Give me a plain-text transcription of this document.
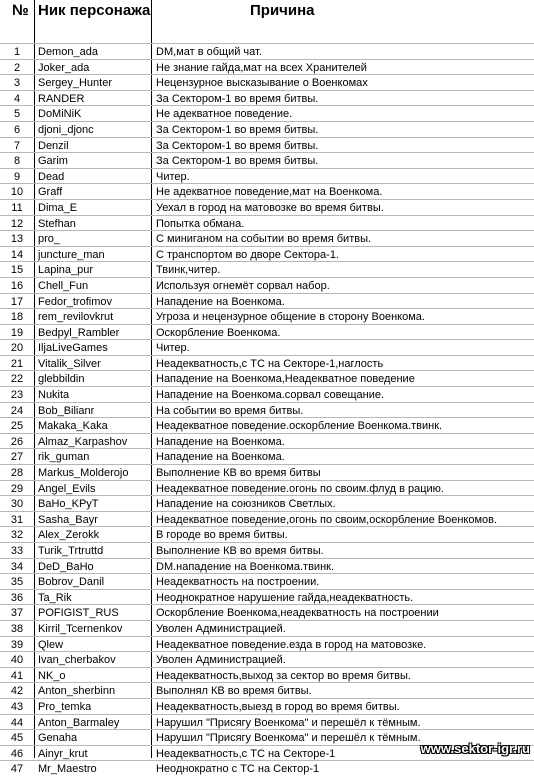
№ Ник персонажа	Причина
1	Demon_ada	DM,мат в общий чат.
2	Joker_ada	Не знание гайда,мат на всех Хранителей
3	Sergey_Hunter	Нецензурное высказывание о Военкомах
4	RANDER	За Сектором-1 во время битвы.
5	DoMiNiK	Не адекватное поведение.
6	djoni_djonc	За Сектором-1 во время битвы.
7	Denzil	За Сектором-1 во время битвы.
8	Garim	За Сектором-1 во время битвы.
9	Dead	Читер.
10	Graff	Не адекватное поведение,мат на Военкома.
11	Dima_E	Уехал в город на матовозке во время битвы.
12	Stefhan	Попытка обмана.
13	pro_	С миниганом на событии во время битвы.
14	juncture_man	С транспортом во дворе Сектора-1.
15	Lapina_pur	Твинк,читер.
16	Chell_Fun	Используя огнемёт сорвал набор.
17	Fedor_trofimov	Нападение на Военкома.
18	rem_revilovkrut	Угроза и нецензурное общение в сторону Военкома.
19	Bedpyl_Rambler	Оскорбление Военкома.
20	IljaLiveGames	Читер.
21	Vitalik_Silver	Неадекватность,с ТС на Секторе-1,наглость
22	glebbildin	Нападение на Военкома,Неадекватное поведение
23	Nukita	Нападение на Военкома.сорвал совещание.
24	Bob_Bilianr	На событии во время битвы.
25	Makaka_Kaka	Неадекватное поведение.оскорбление Военкома.твинк.
26	Almaz_Karpashov	Нападение на Военкома.
27	rik_guman	Нападение на Военкома.
28	Markus_Molderojo	Выполнение КВ во время битвы
29	Angel_Evils	Неадекватное поведение.огонь по своим.флуд в рацию.
30	BaHo_KPyT	Нападение на союзников Светлых.
31	Sasha_Bayr	Неадекватное поведение,огонь по своим,оскорбление Военкомов.
32	Alex_Zerokk	В городе во время битвы.
33	Turik_Trtruttd	Выполнение КВ во время битвы.
34	DeD_BaHo	DM.нападение на Военкома.твинк.
35	Bobrov_Danil	Неадекватность на построении.
36	Ta_Rik	Неоднократное нарушение гайда,неадекватность.
37	POFIGIST_RUS	Оскорбление Военкома,неадекватность на построении
38	Kirril_Tcernenkov	Уволен Администрацией.
39	Qlew	Неадекватное поведение.езда в город на матовозке.
40	Ivan_cherbakov	Уволен Администрацией.
41	NK_o	Неадекватность,выход за сектор во время битвы.
42	Anton_sherbinn	Выполнял КВ во время битвы.
43	Pro_temka	Неадекватность,выезд в город во время битвы.
44	Anton_Barmaley	Нарушил "Присягу Военкома" и перешёл к тёмным.
45	Genaha	Нарушил "Присягу Военкома" и перешёл к тёмным.
46	Ainyr_krut	Неадекватность,с ТС на Секторе-1
47	Mr_Maestro	Неоднократно с ТС на Сектор-1
www.sektor-igr.ru
